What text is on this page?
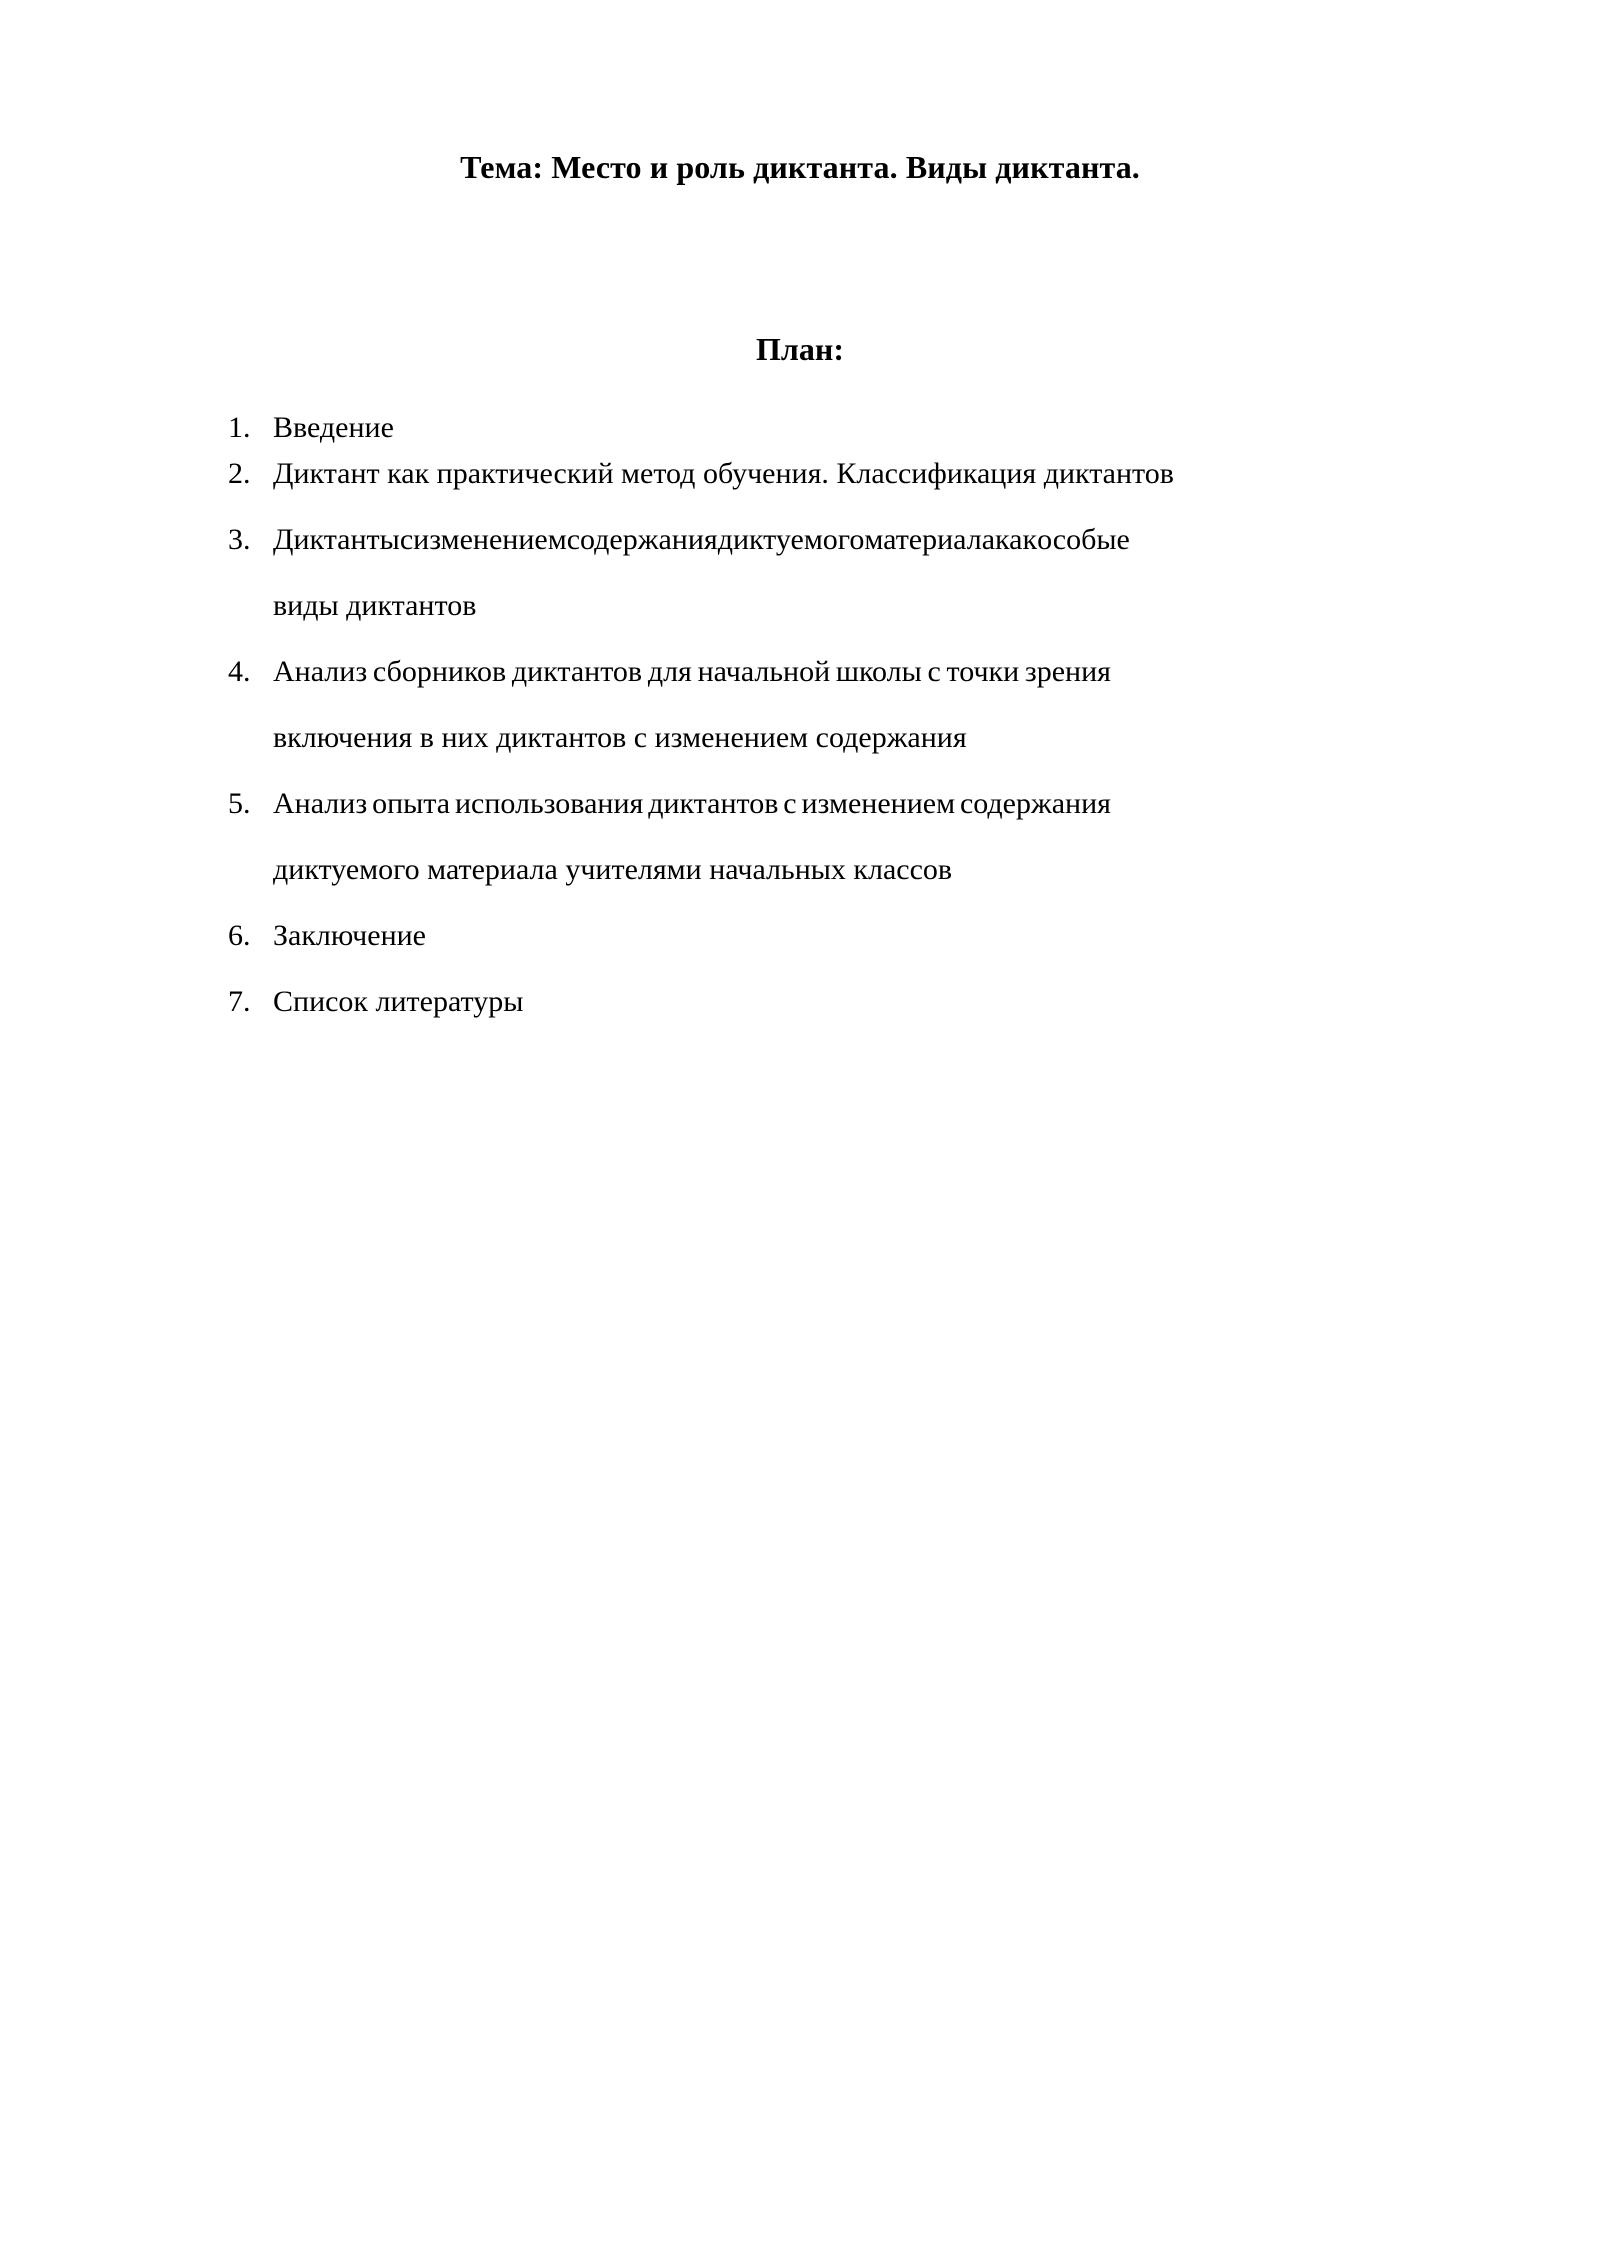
Тема: Место и роль диктанта. Виды диктанта.
План:
1. Введение
2. Диктант как практический метод обучения. Классификация диктантов
3. Диктанты с изменением содержания диктуемого материала как особые
виды диктантов
4. Анализ сборников диктантов для начальной школы с точки зрения
включения в них диктантов с изменением содержания
5. Анализ опыта использования диктантов с изменением содержания
диктуемого материала учителями начальных классов
6. Заключение
7. Список литературы
